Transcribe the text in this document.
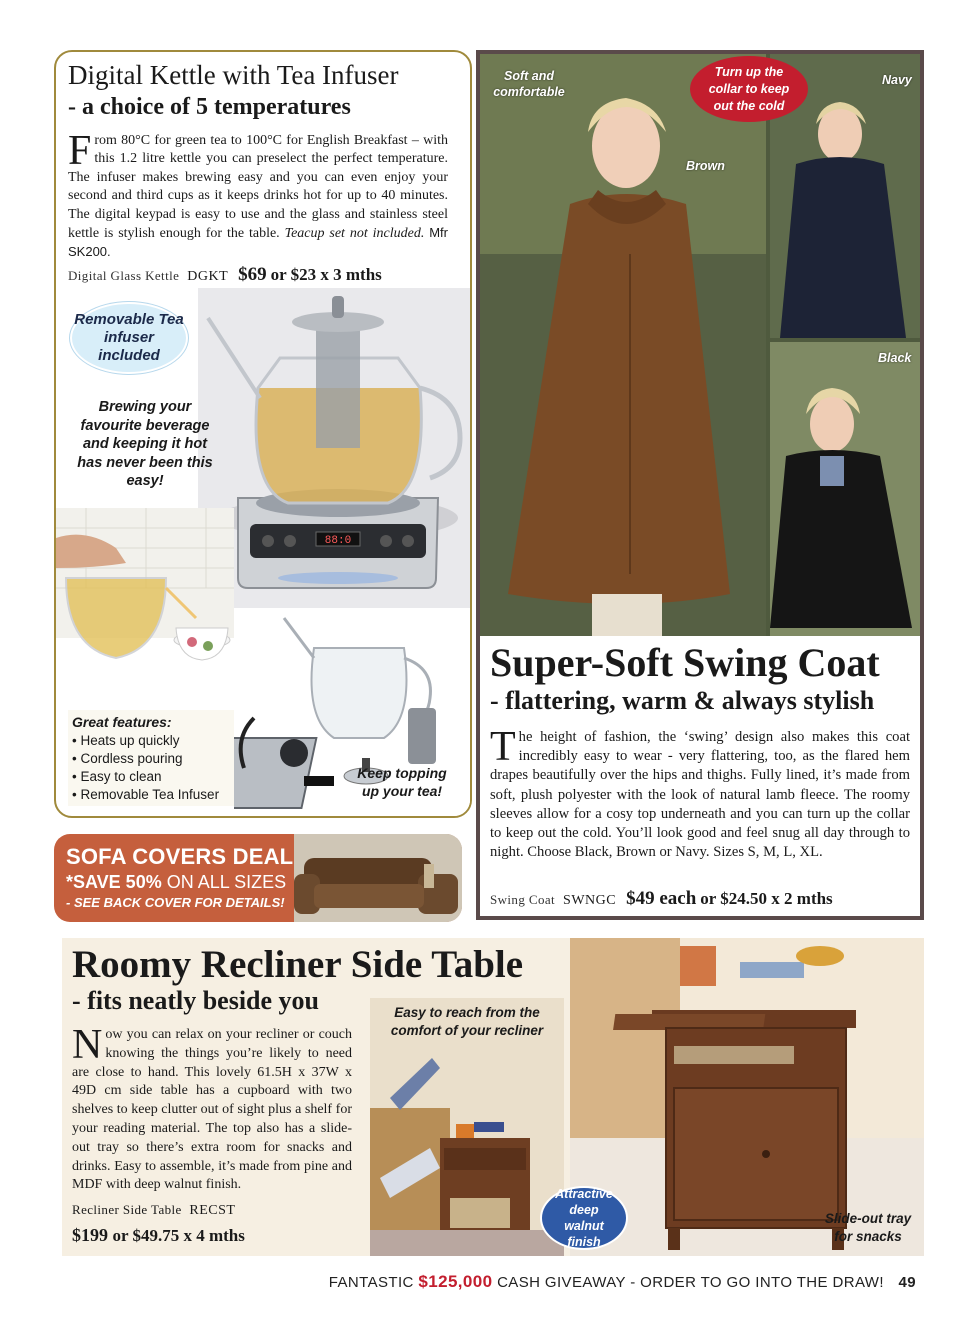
Digital Kettle with Tea Infuser
- a choice of 5 temperatures

From 80°C for green tea to 100°C for English Breakfast – with this 1.2 litre kettle you can preselect the perfect temperature. The infuser makes brewing easy and you can even enjoy your second and third cups as it keeps drinks hot for up to 40 minutes. The digital keypad is easy to use and the glass and stainless steel kettle is stylish enough for the table. Teacup set not included. Mfr SK200.

Digital Glass Kettle DGKT $69 or $23 x 3 mths
88:0
Removable Tea infuser included
Brewing your favourite beverage and keeping it hot has never been this easy!
Great features:
• Heats up quickly
• Cordless pouring
• Easy to clean
• Removable Tea Infuser
Keep topping up your tea!
SOFA COVERS DEAL
*SAVE 50% ON ALL SIZES
- SEE BACK COVER FOR DETAILS!
Soft and comfortable
Turn up the collar to keep out the cold
Brown
Navy
Black
Super-Soft Swing Coat
- flattering, warm & always stylish

The height of fashion, the ‘swing’ design also makes this coat incredibly easy to wear - very flattering, too, as the flared hem drapes beautifully over the hips and thighs. Fully lined, it’s made from soft, plush polyester with the look of natural lamb fleece. The roomy sleeves allow for a cosy top underneath and you can turn up the collar to keep out the cold. You’ll look good and feel snug all day through to night. Choose Black, Brown or Navy. Sizes S, M, L, XL.

Swing Coat SWNGC $49 each or $24.50 x 2 mths
Roomy Recliner Side Table
- fits neatly beside you

Now you can relax on your recliner or couch knowing the things you’re likely to need are close to hand. This lovely 61.5H x 37W x 49D cm side table has a cupboard with two shelves to keep clutter out of sight plus a shelf for your reading material. The top also has a slide-out tray so there’s extra room for snacks and drinks. Easy to assemble, it’s made from pine and MDF with deep walnut finish.

Recliner Side Table RECST
$199 or $49.75 x 4 mths
Easy to reach from the comfort of your recliner
Attractive deep walnut finish
Slide-out tray for snacks
FANTASTIC $125,000 CASH GIVEAWAY - ORDER TO GO INTO THE DRAW! 49
